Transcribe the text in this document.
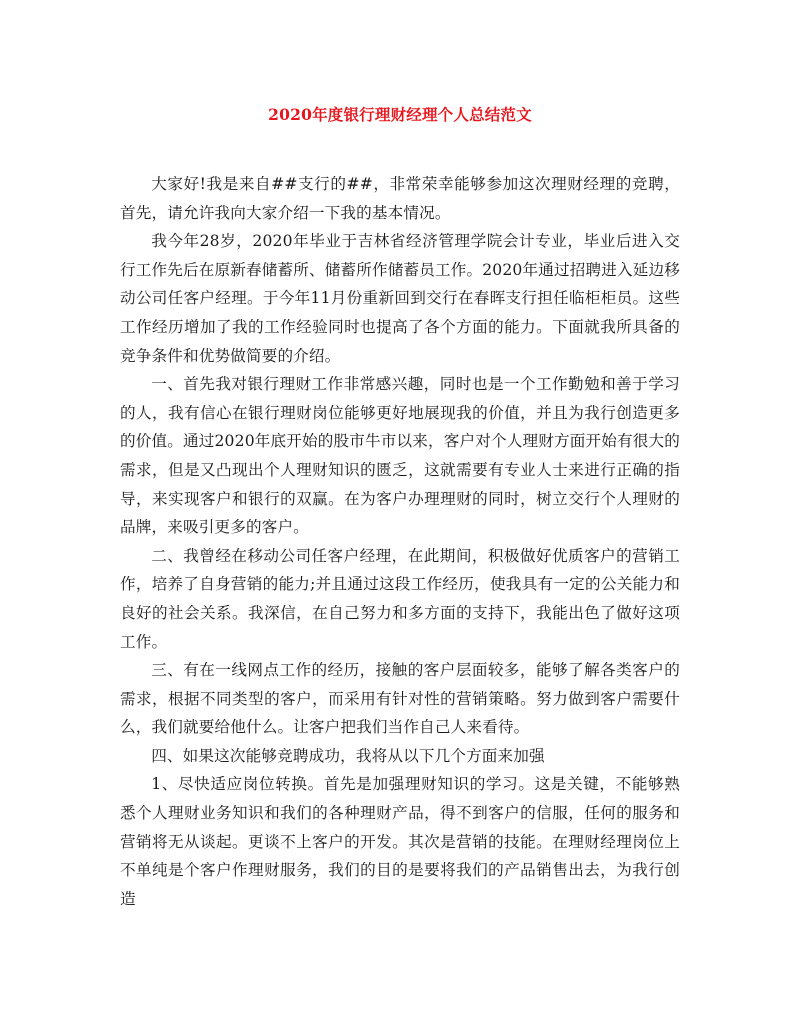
2020年度银行理财经理个人总结范文

大家好!我是来自##支行的##，非常荣幸能够参加这次理财经理的竞聘，首先，请允许我向大家介绍一下我的基本情况。

我今年28岁，2020年毕业于吉林省经济管理学院会计专业，毕业后进入交行工作先后在原新春储蓄所、储蓄所作储蓄员工作。2020年通过招聘进入延边移动公司任客户经理。于今年11月份重新回到交行在春晖支行担任临柜柜员。这些工作经历增加了我的工作经验同时也提高了各个方面的能力。下面就我所具备的竞争条件和优势做简要的介绍。

一、首先我对银行理财工作非常感兴趣，同时也是一个工作勤勉和善于学习的人，我有信心在银行理财岗位能够更好地展现我的价值，并且为我行创造更多的价值。通过2020年底开始的股市牛市以来，客户对个人理财方面开始有很大的需求，但是又凸现出个人理财知识的匮乏，这就需要有专业人士来进行正确的指导，来实现客户和银行的双赢。在为客户办理理财的同时，树立交行个人理财的品牌，来吸引更多的客户。

二、我曾经在移动公司任客户经理，在此期间，积极做好优质客户的营销工作，培养了自身营销的能力;并且通过这段工作经历，使我具有一定的公关能力和良好的社会关系。我深信，在自己努力和多方面的支持下，我能出色了做好这项工作。

三、有在一线网点工作的经历，接触的客户层面较多，能够了解各类客户的需求，根据不同类型的客户，而采用有针对性的营销策略。努力做到客户需要什么，我们就要给他什么。让客户把我们当作自己人来看待。

四、如果这次能够竞聘成功，我将从以下几个方面来加强

1、尽快适应岗位转换。首先是加强理财知识的学习。这是关键，不能够熟悉个人理财业务知识和我们的各种理财产品，得不到客户的信服，任何的服务和营销将无从谈起。更谈不上客户的开发。其次是营销的技能。在理财经理岗位上不单纯是个客户作理财服务，我们的目的是要将我们的产品销售出去，为我行创造
